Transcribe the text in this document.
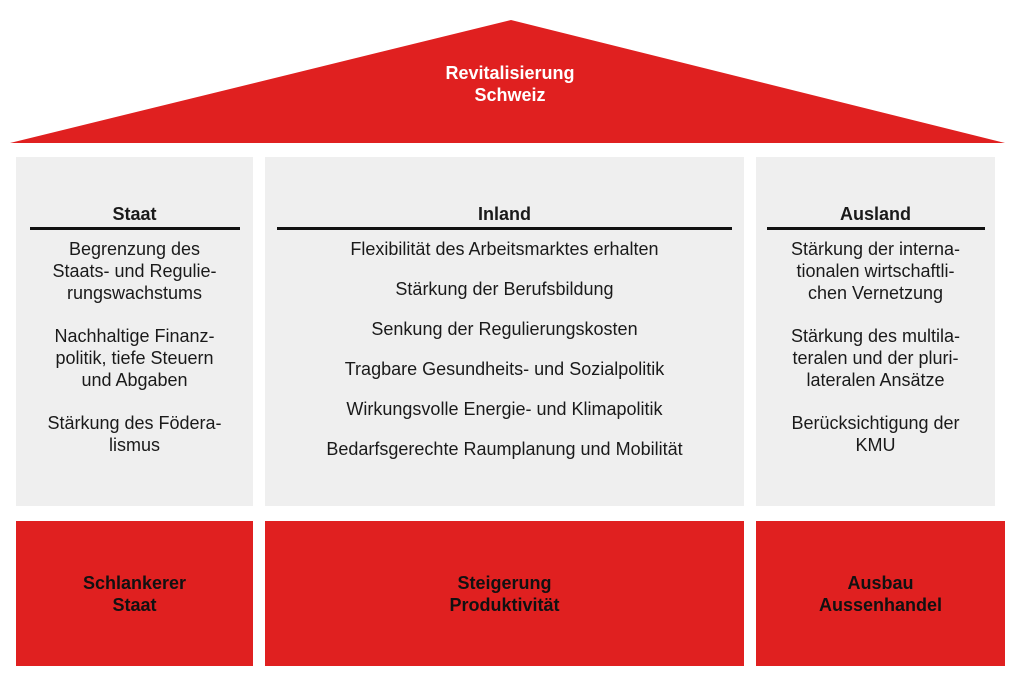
Revitalisierung
Schweiz
Staat
Begrenzung des
Staats- und Regulie-
rungswachstums
Nachhaltige Finanz-
politik, tiefe Steuern
und Abgaben
Stärkung des Födera-
lismus
Inland
Flexibilität des Arbeitsmarktes erhalten
Stärkung der Berufsbildung
Senkung der Regulierungskosten
Tragbare Gesundheits- und Sozialpolitik
Wirkungsvolle Energie- und Klimapolitik
Bedarfsgerechte Raumplanung und Mobilität
Ausland
Stärkung der interna-
tionalen wirtschaftli-
chen Vernetzung
Stärkung des multila-
teralen und der pluri-
lateralen Ansätze
Berücksichtigung der
KMU
Schlankerer
Staat
Steigerung
Produktivität
Ausbau
Aussenhandel
